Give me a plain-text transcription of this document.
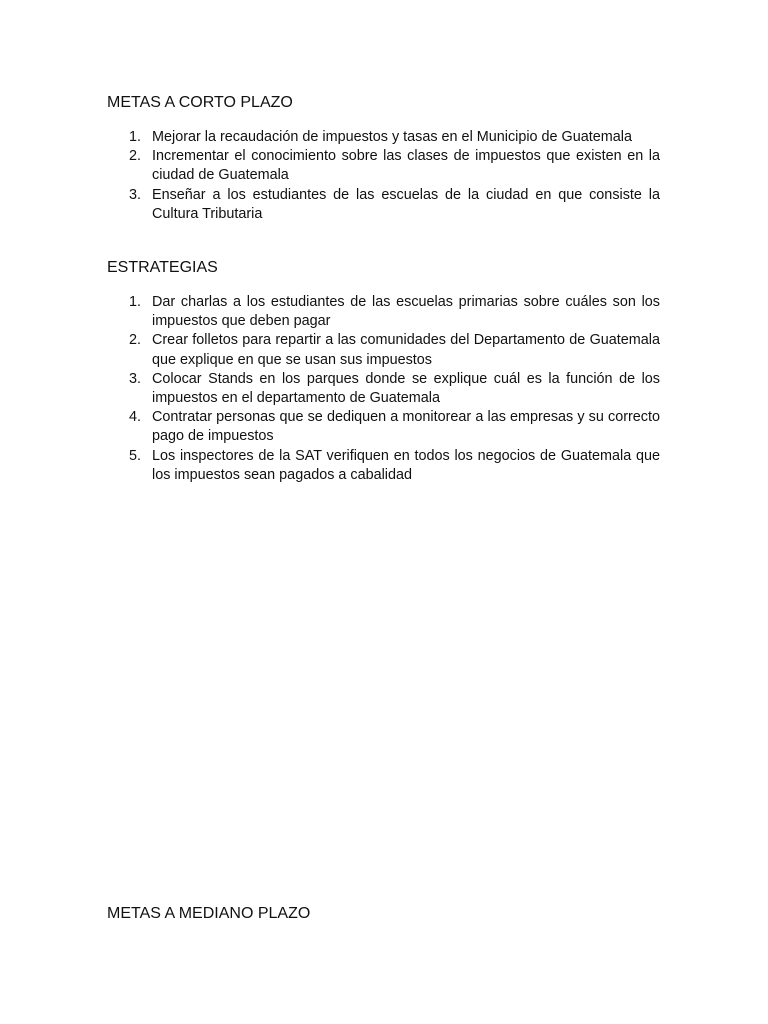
METAS A CORTO PLAZO
1. Mejorar la recaudación de impuestos y tasas en el Municipio de Guatemala
2. Incrementar el conocimiento sobre las clases de impuestos que existen en la ciudad de Guatemala
3. Enseñar a los estudiantes de las escuelas de la ciudad en que consiste la Cultura Tributaria
ESTRATEGIAS
1. Dar charlas a los estudiantes de las escuelas primarias sobre cuáles son los impuestos que deben pagar
2. Crear folletos para repartir a las comunidades del Departamento de Guatemala que explique en que se usan sus impuestos
3. Colocar Stands en los parques donde se explique cuál es la función de los impuestos en el departamento de Guatemala
4. Contratar personas que se dediquen a monitorear a las empresas y su correcto pago de impuestos
5. Los inspectores de la SAT verifiquen en todos los negocios de Guatemala que los impuestos sean pagados a cabalidad
METAS A MEDIANO PLAZO
